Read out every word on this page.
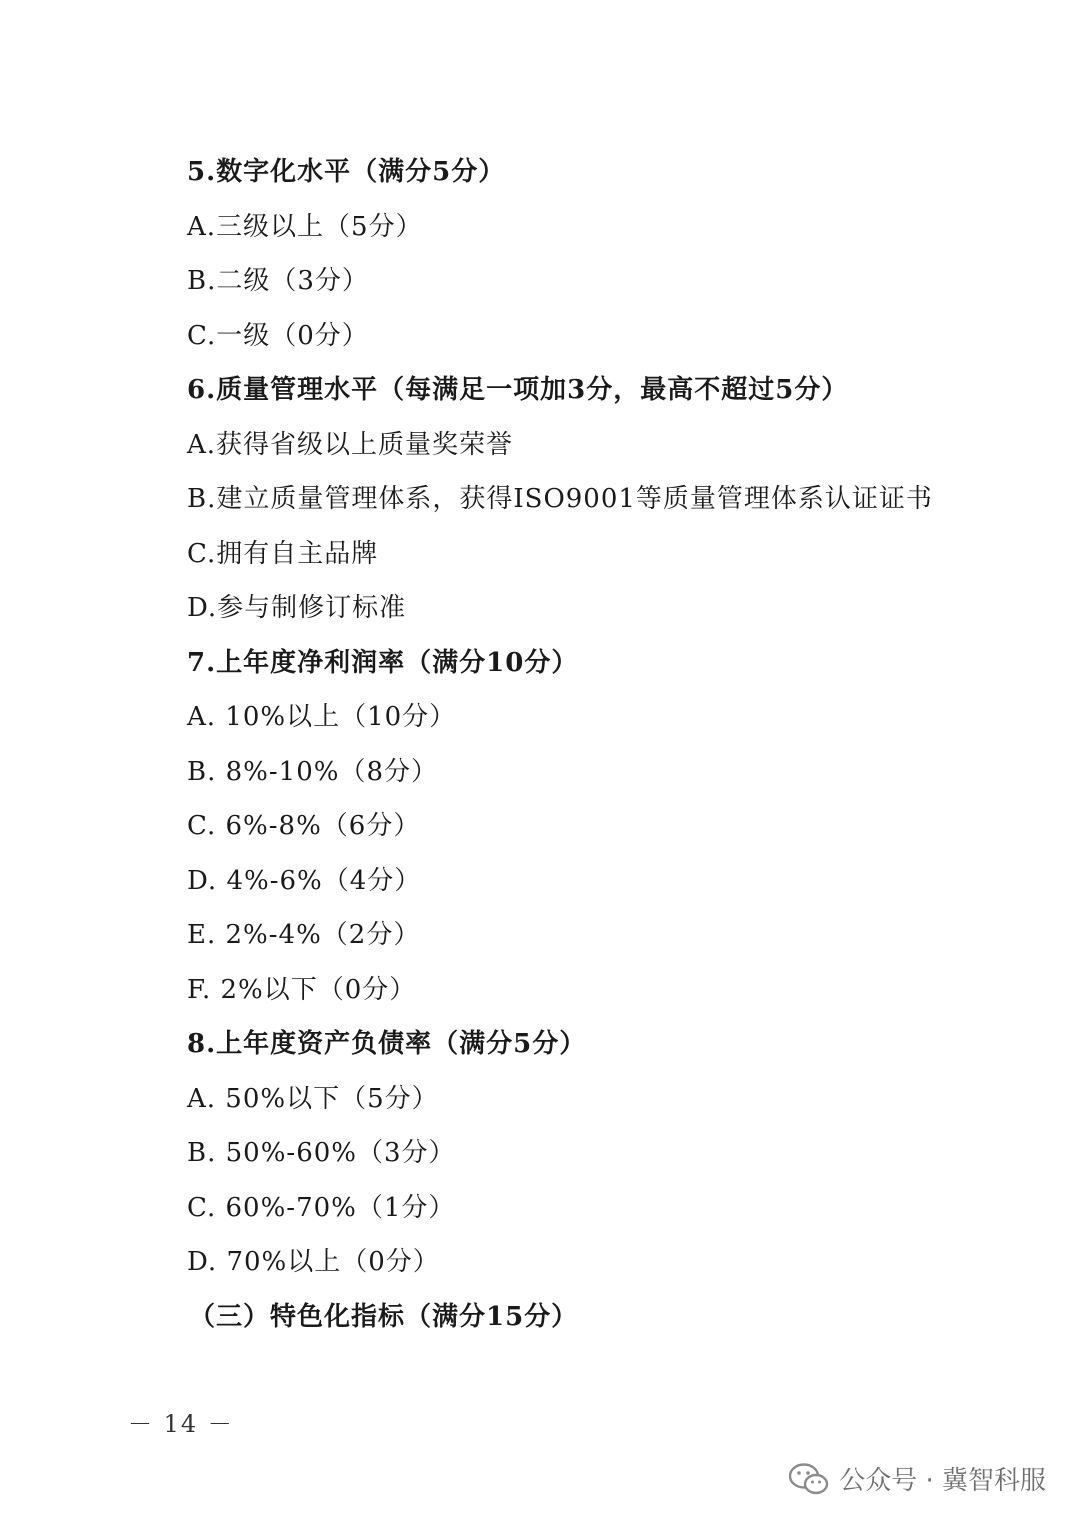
5.数字化水平（满分5分）
A.三级以上（5分）
B.二级（3分）
C.一级（0分）
6.质量管理水平（每满足一项加3分，最高不超过5分）
A.获得省级以上质量奖荣誉
B.建立质量管理体系，获得ISO9001等质量管理体系认证证书
C.拥有自主品牌
D.参与制修订标准
7.上年度净利润率（满分10分）
A. 10%以上（10分）
B. 8%-10%（8分）
C. 6%-8%（6分）
D. 4%-6%（4分）
E. 2%-4%（2分）
F. 2%以下（0分）
8.上年度资产负债率（满分5分）
A. 50%以下（5分）
B. 50%-60%（3分）
C. 60%-70%（1分）
D. 70%以上（0分）
（三）特色化指标（满分15分）
－ 14 －
公众号 · 冀智科服
